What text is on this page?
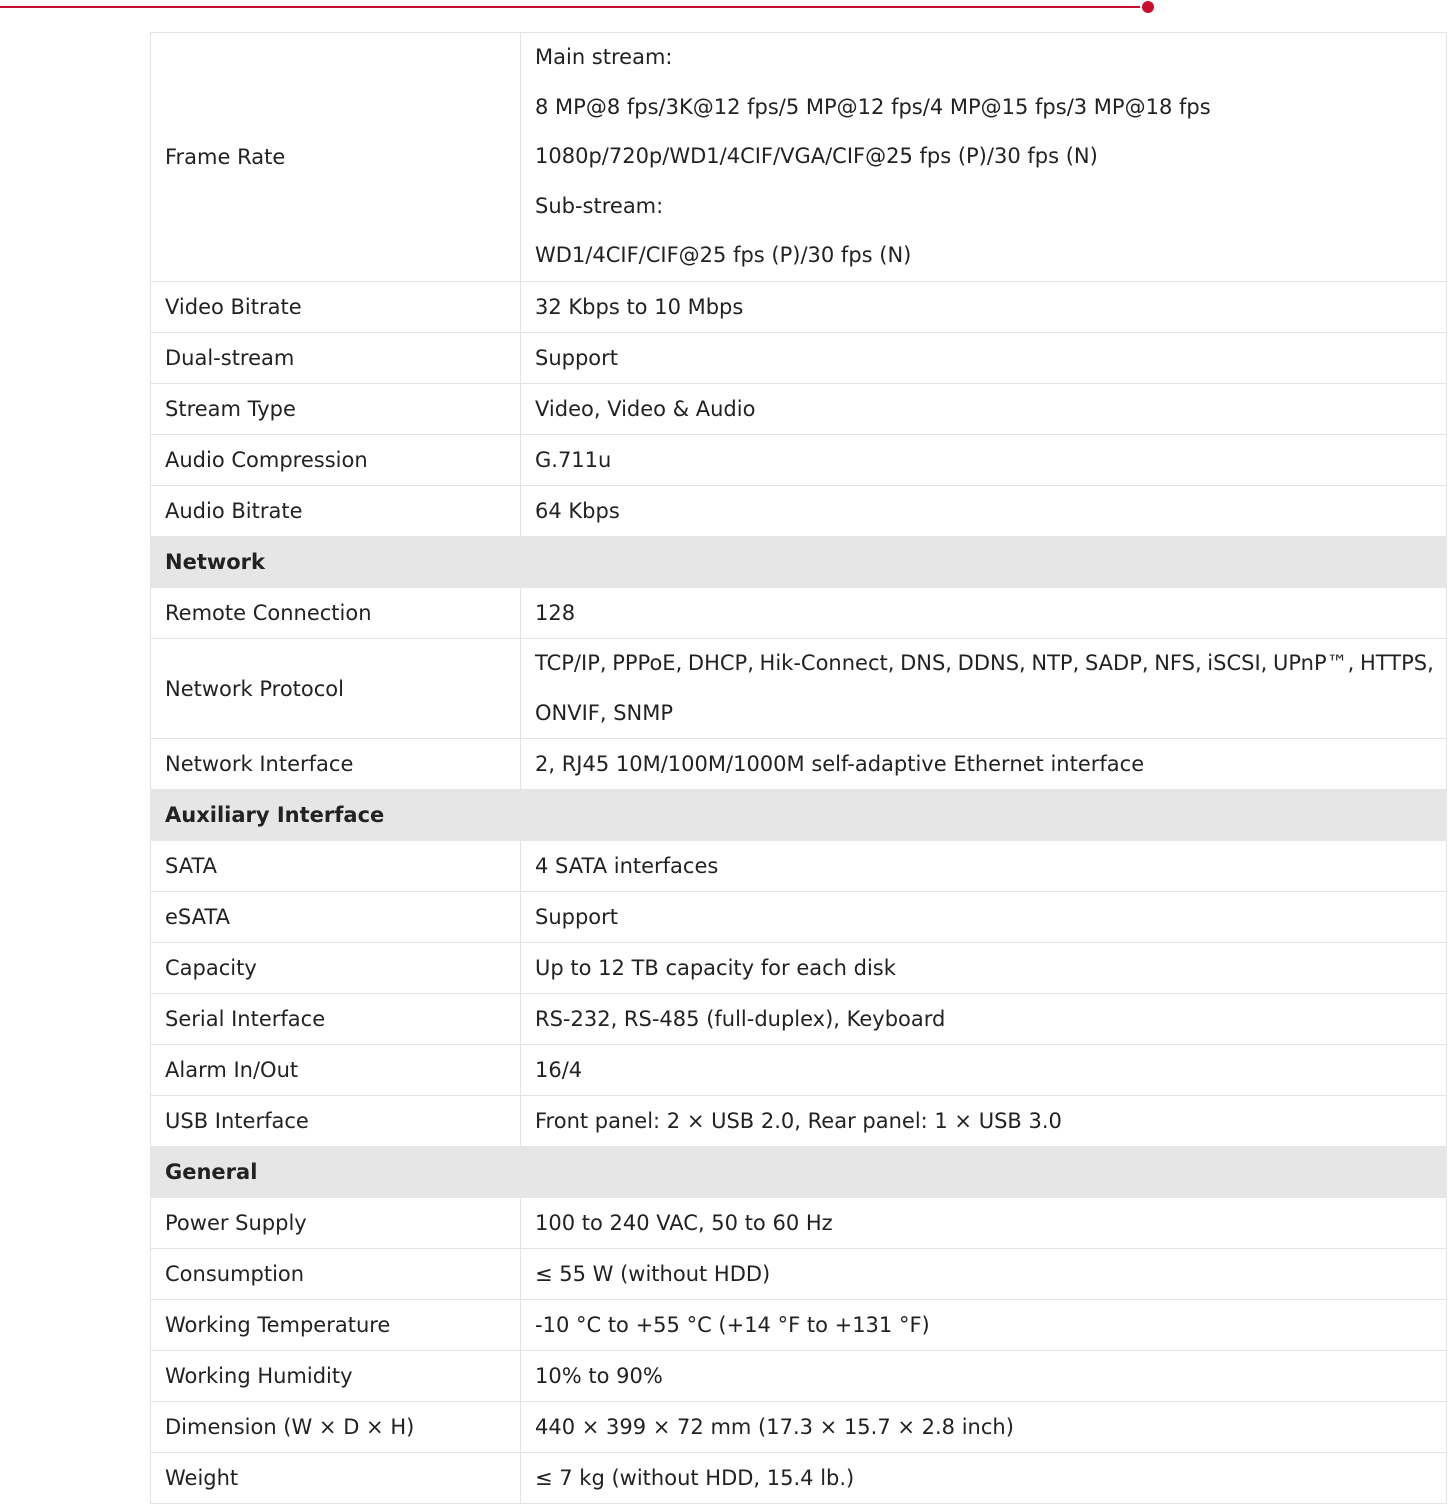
Frame Rate	Main stream:
8 MP@8 fps/3K@12 fps/5 MP@12 fps/4 MP@15 fps/3 MP@18 fps
1080p/720p/WD1/4CIF/VGA/CIF@25 fps (P)/30 fps (N)
Sub-stream:
WD1/4CIF/CIF@25 fps (P)/30 fps (N)

Video Bitrate	32 Kbps to 10 Mbps
Dual-stream	Support
Stream Type	Video, Video & Audio
Audio Compression	G.711u
Audio Bitrate	64 Kbps
Network	
Remote Connection	128
Network Protocol	TCP/IP, PPPoE, DHCP, Hik-Connect, DNS, DDNS, NTP, SADP, NFS, iSCSI, UPnP™, HTTPS,
ONVIF, SNMP

Network Interface	2, RJ45 10M/100M/1000M self-adaptive Ethernet interface
Auxiliary Interface	
SATA	4 SATA interfaces
eSATA	Support
Capacity	Up to 12 TB capacity for each disk
Serial Interface	RS-232, RS-485 (full-duplex), Keyboard
Alarm In/Out	16/4
USB Interface	Front panel: 2 × USB 2.0, Rear panel: 1 × USB 3.0
General	
Power Supply	100 to 240 VAC, 50 to 60 Hz
Consumption	≤ 55 W (without HDD)
Working Temperature	-10 °C to +55 °C (+14 °F to +131 °F)
Working Humidity	10% to 90%
Dimension (W × D × H)	440 × 399 × 72 mm (17.3 × 15.7 × 2.8 inch)
Weight	≤ 7 kg (without HDD, 15.4 lb.)
